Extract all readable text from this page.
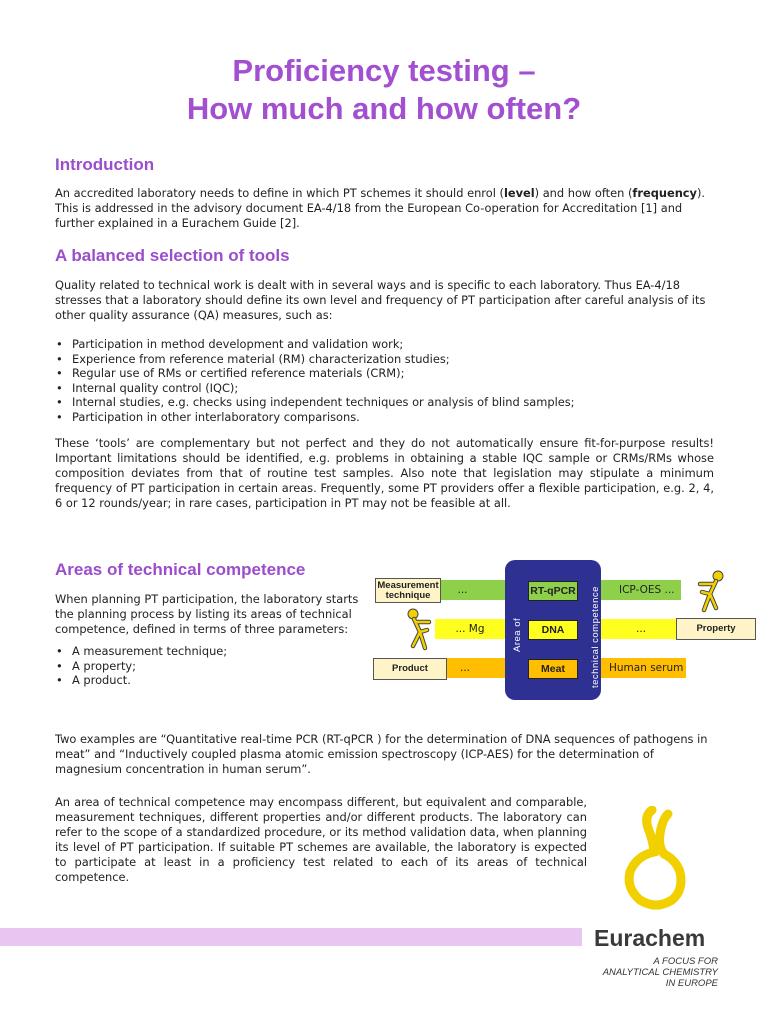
Proficiency testing –
How much and how often?
Introduction
An accredited laboratory needs to define in which PT schemes it should enrol (level) and how often (frequency). This is addressed in the advisory document EA-4/18 from the European Co-operation for Accreditation [1] and further explained in a Eurachem Guide [2].
A balanced selection of tools
Quality related to technical work is dealt with in several ways and is specific to each laboratory. Thus EA-4/18 stresses that a laboratory should define its own level and frequency of PT participation after careful analysis of its other quality assurance (QA) measures, such as:
• Participation in method development and validation work;
• Experience from reference material (RM) characterization studies;
• Regular use of RMs or certified reference materials (CRM);
• Internal quality control (IQC);
• Internal studies, e.g. checks using independent techniques or analysis of blind samples;
• Participation in other interlaboratory comparisons.
These ‘tools’ are complementary but not perfect and they do not automatically ensure fit-for-purpose results! Important limitations should be identified, e.g. problems in obtaining a stable IQC sample or CRMs/RMs whose composition deviates from that of routine test samples. Also note that legislation may stipulate a minimum frequency of PT participation in certain areas. Frequently, some PT providers offer a flexible participation, e.g. 2, 4, 6 or 12 rounds/year; in rare cases, participation in PT may not be feasible at all.
Areas of technical competence
When planning PT participation, the laboratory starts the planning process by listing its areas of technical competence, defined in terms of three parameters:
• A measurement technique;
• A property;
• A product.
...	ICP-OES ...
... Mg	...
...	Human serum
RT-qPCR
DNA
Meat
Area of	technical competence
Measurement technique
Property
Product
Two examples are “Quantitative real-time PCR (RT-qPCR ) for the determination of DNA sequences of pathogens in meat” and “Inductively coupled plasma atomic emission spectroscopy (ICP-AES) for the determination of magnesium concentration in human serum”.
An area of technical competence may encompass different, but equivalent and comparable, measurement techniques, different properties and/or different products. The laboratory can refer to the scope of a standardized procedure, or its method validation data, when planning its level of PT participation. If suitable PT schemes are available, the laboratory is expected to participate at least in a proficiency test related to each of its areas of technical competence.
Eurachem
A FOCUS FOR
ANALYTICAL CHEMISTRY
IN EUROPE
